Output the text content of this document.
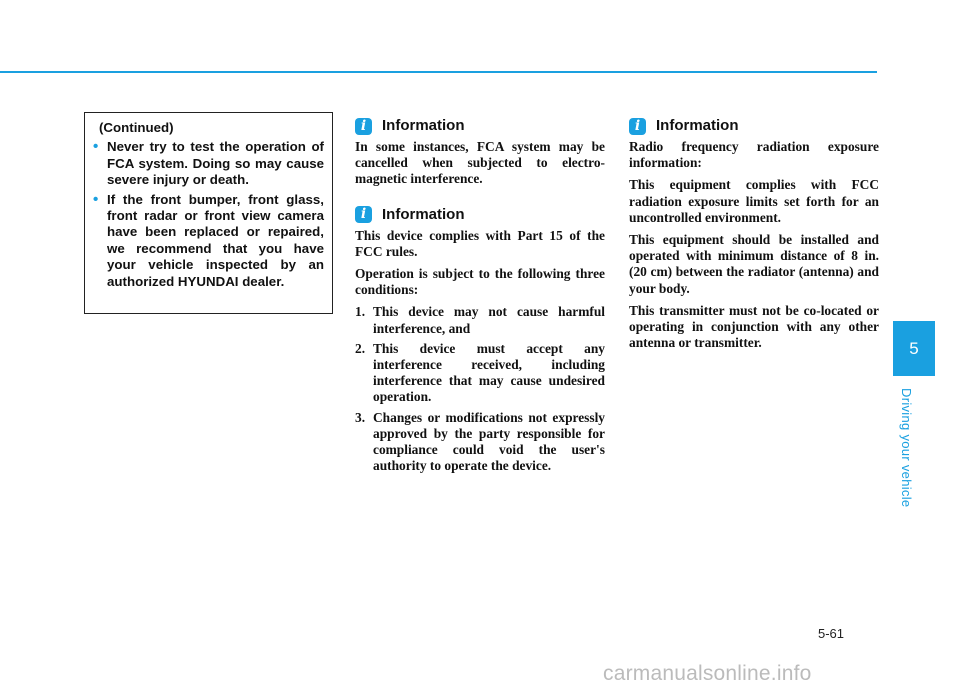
(Continued)
• Never try to test the operation of FCA system. Doing so may cause severe injury or death.
• If the front bumper, front glass, front radar or front view camera have been replaced or repaired, we recommend that you have your vehicle inspected by an authorized HYUNDAI dealer.
i	Information

In some instances, FCA system may be cancelled when subjected to electro-magnetic interference.

i	Information

This device complies with Part 15 of the FCC rules.

Operation is subject to the following three conditions:

1. This device may not cause harmful interference, and
2. This device must accept any interference received, including interference that may cause undesired operation.
3. Changes or modifications not expressly approved by the party responsible for compliance could void the user's authority to operate the device.
i	Information

Radio frequency radiation exposure information:

This equipment complies with FCC radiation exposure limits set forth for an uncontrolled environment.

This equipment should be installed and operated with minimum distance of 8 in. (20 cm) between the radiator (antenna) and your body.

This transmitter must not be co-located or operating in conjunction with any other antenna or transmitter.	5
Driving your vehicle
5-61
carmanualsonline.info
